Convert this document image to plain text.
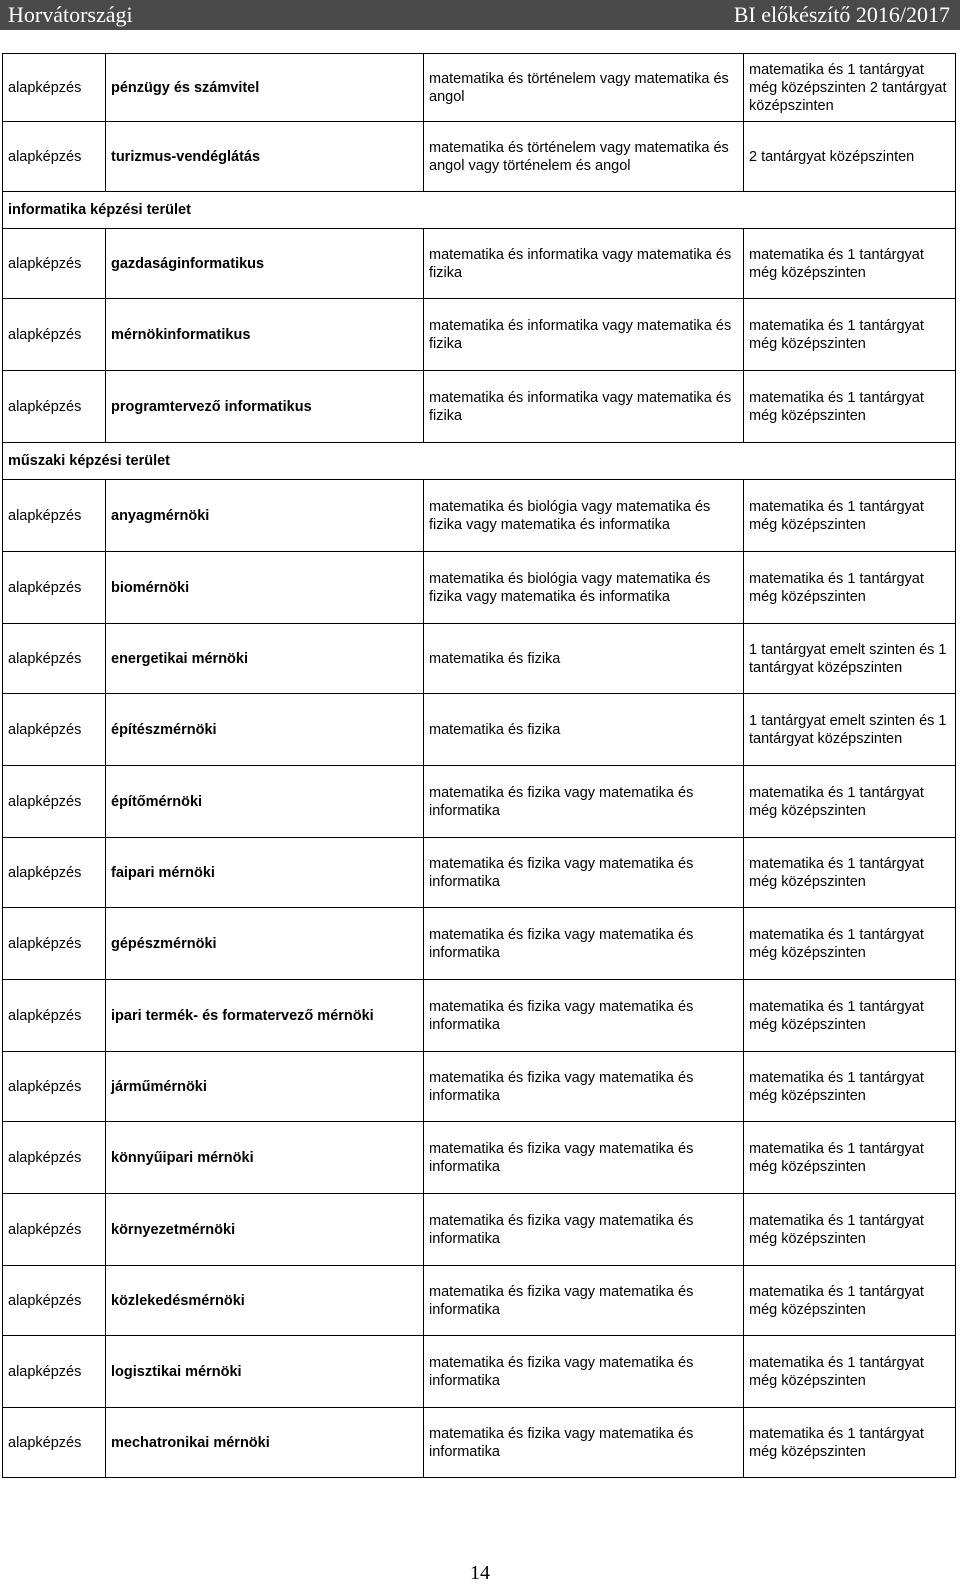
Horvátországi	BI előkészítő 2016/2017
alapképzés	pénzügy és számvitel	matematika és történelem vagy matematika és angol	matematika és 1 tantárgyat még középszinten 2 tantárgyat középszinten
alapképzés	turizmus-vendéglátás	matematika és történelem vagy matematika és angol vagy történelem és angol	2 tantárgyat középszinten
informatika képzési terület			
alapképzés	gazdaságinformatikus	matematika és informatika vagy matematika és fizika	matematika és 1 tantárgyat még középszinten
alapképzés	mérnökinformatikus	matematika és informatika vagy matematika és fizika	matematika és 1 tantárgyat még középszinten
alapképzés	programtervező informatikus	matematika és informatika vagy matematika és fizika	matematika és 1 tantárgyat még középszinten
műszaki képzési terület			
alapképzés	anyagmérnöki	matematika és biológia vagy matematika és fizika vagy matematika és informatika	matematika és 1 tantárgyat még középszinten
alapképzés	biomérnöki	matematika és biológia vagy matematika és fizika vagy matematika és informatika	matematika és 1 tantárgyat még középszinten
alapképzés	energetikai mérnöki	matematika és fizika	1 tantárgyat emelt szinten és 1 tantárgyat középszinten
alapképzés	építészmérnöki	matematika és fizika	1 tantárgyat emelt szinten és 1 tantárgyat középszinten
alapképzés	építőmérnöki	matematika és fizika vagy matematika és informatika	matematika és 1 tantárgyat még középszinten
alapképzés	faipari mérnöki	matematika és fizika vagy matematika és informatika	matematika és 1 tantárgyat még középszinten
alapképzés	gépészmérnöki	matematika és fizika vagy matematika és informatika	matematika és 1 tantárgyat még középszinten
alapképzés	ipari termék- és formatervező mérnöki	matematika és fizika vagy matematika és informatika	matematika és 1 tantárgyat még középszinten
alapképzés	járműmérnöki	matematika és fizika vagy matematika és informatika	matematika és 1 tantárgyat még középszinten
alapképzés	könnyűipari mérnöki	matematika és fizika vagy matematika és informatika	matematika és 1 tantárgyat még középszinten
alapképzés	környezetmérnöki	matematika és fizika vagy matematika és informatika	matematika és 1 tantárgyat még középszinten
alapképzés	közlekedésmérnöki	matematika és fizika vagy matematika és informatika	matematika és 1 tantárgyat még középszinten
alapképzés	logisztikai mérnöki	matematika és fizika vagy matematika és informatika	matematika és 1 tantárgyat még középszinten
alapképzés	mechatronikai mérnöki	matematika és fizika vagy matematika és informatika	matematika és 1 tantárgyat még középszinten
14
